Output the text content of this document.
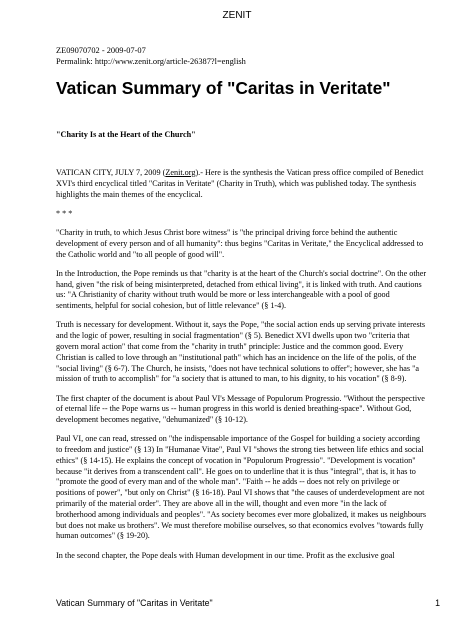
ZENIT
ZE09070702 - 2009-07-07
Permalink: http://www.zenit.org/article-26387?l=english
Vatican Summary of "Caritas in Veritate"
"Charity Is at the Heart of the Church"

VATICAN CITY, JULY 7, 2009 (Zenit.org).- Here is the synthesis the Vatican press office compiled of Benedict XVI's third encyclical titled "Caritas in Veritate" (Charity in Truth), which was published today. The synthesis highlights the main themes of the encyclical.

* * *

"Charity in truth, to which Jesus Christ bore witness" is "the principal driving force behind the authentic development of every person and of all humanity": thus begins "Caritas in Veritate," the Encyclical addressed to the Catholic world and "to all people of good will".

In the Introduction, the Pope reminds us that "charity is at the heart of the Church's social doctrine". On the other hand, given "the risk of being misinterpreted, detached from ethical living", it is linked with truth. And cautions us: "A Christianity of charity without truth would be more or less interchangeable with a pool of good sentiments, helpful for social cohesion, but of little relevance" (§ 1-4).

Truth is necessary for development. Without it, says the Pope, "the social action ends up serving private interests and the logic of power, resulting in social fragmentation" (§ 5). Benedict XVI dwells upon two "criteria that govern moral action" that come from the "charity in truth" principle: Justice and the common good. Every Christian is called to love through an "institutional path" which has an incidence on the life of the polis, of the "social living" (§ 6-7). The Church, he insists, "does not have technical solutions to offer"; however, she has "a mission of truth to accomplish" for "a society that is attuned to man, to his dignity, to his vocation" (§ 8-9).

The first chapter of the document is about Paul VI's Message of Populorum Progressio. "Without the perspective of eternal life -- the Pope warns us -- human progress in this world is denied breathing-space". Without God, development becomes negative, "dehumanized" (§ 10-12).

Paul VI, one can read, stressed on "the indispensable importance of the Gospel for building a society according to freedom and justice" (§ 13) In "Humanae Vitae", Paul VI "shows the strong ties between life ethics and social ethics" (§ 14-15). He explains the concept of vocation in "Populorum Progressio". "Development is vocation" because "it derives from a transcendent call". He goes on to underline that it is thus "integral", that is, it has to "promote the good of every man and of the whole man". "Faith -- he adds -- does not rely on privilege or positions of power", "but only on Christ" (§ 16-18). Paul VI shows that "the causes of underdevelopment are not primarily of the material order". They are above all in the will, thought and even more "in the lack of brotherhood among individuals and peoples". "As society becomes ever more globalized, it makes us neighbours but does not make us brothers". We must therefore mobilise ourselves, so that economics evolves "towards fully human outcomes" (§ 19-20).

In the second chapter, the Pope deals with Human development in our time. Profit as the exclusive goal

Vatican Summary of "Caritas in Veritate"	1
